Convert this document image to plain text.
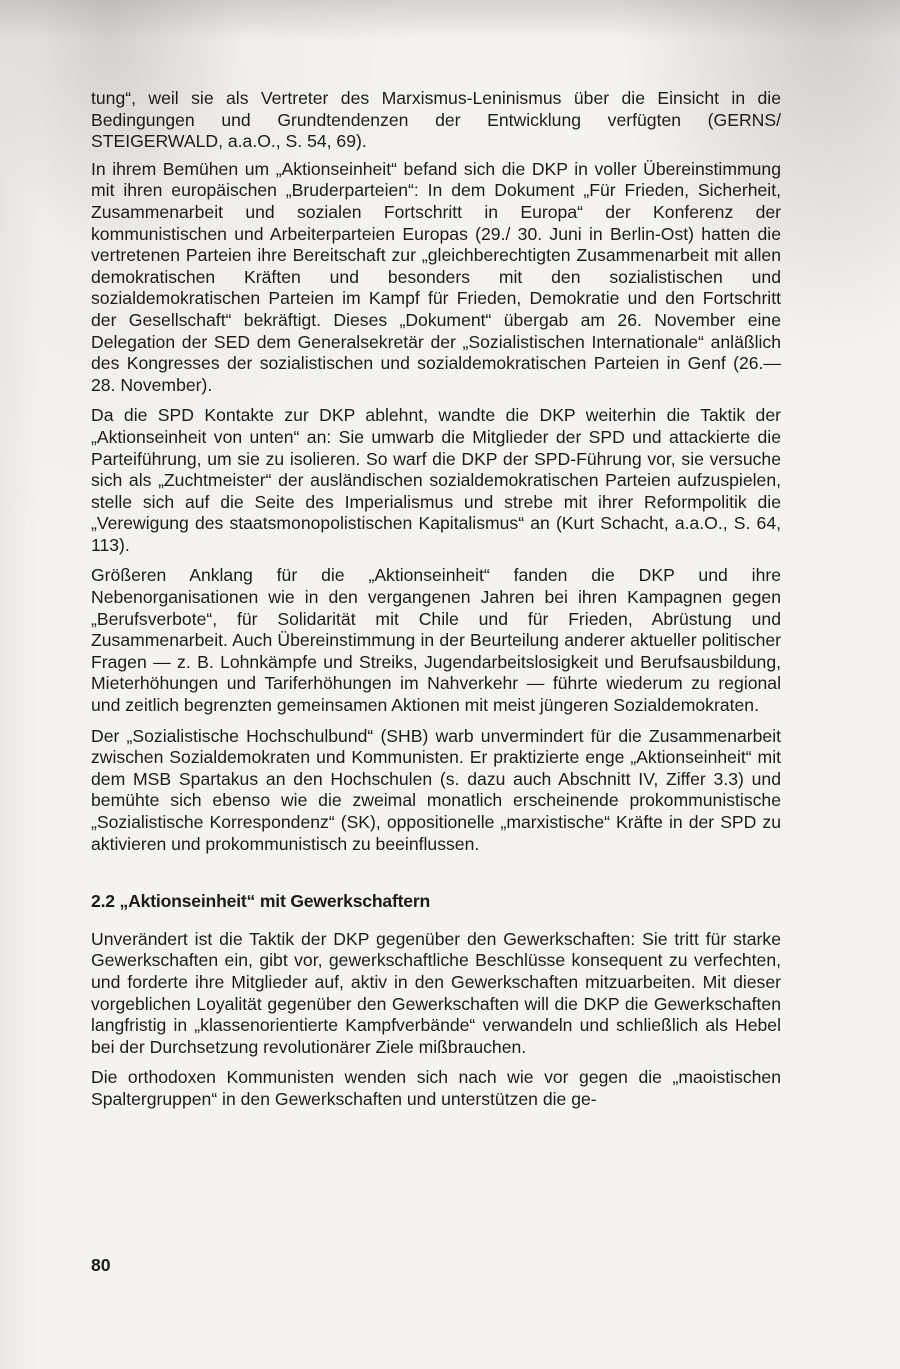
tung“, weil sie als Vertreter des Marxismus-Leninismus über die Einsicht in die Bedingungen und Grundtendenzen der Entwicklung verfügten (GERNS/ STEIGERWALD, a.a.O., S. 54, 69).

In ihrem Bemühen um „Aktionseinheit“ befand sich die DKP in voller Übereinstimmung mit ihren europäischen „Bruderparteien“: In dem Dokument „Für Frieden, Sicherheit, Zusammenarbeit und sozialen Fortschritt in Europa“ der Konferenz der kommunistischen und Arbeiterparteien Europas (29./ 30. Juni in Berlin-Ost) hatten die vertretenen Parteien ihre Bereitschaft zur „gleichberechtigten Zusammenarbeit mit allen demokratischen Kräften und besonders mit den sozialistischen und sozialdemokratischen Parteien im Kampf für Frieden, Demokratie und den Fortschritt der Gesellschaft“ bekräftigt. Dieses „Dokument“ übergab am 26. November eine Delegation der SED dem Generalsekretär der „Sozialistischen Internationale“ anläßlich des Kongresses der sozialistischen und sozialdemokratischen Parteien in Genf (26.—28. November).

Da die SPD Kontakte zur DKP ablehnt, wandte die DKP weiterhin die Taktik der „Aktionseinheit von unten“ an: Sie umwarb die Mitglieder der SPD und attackierte die Parteiführung, um sie zu isolieren. So warf die DKP der SPD-Führung vor, sie versuche sich als „Zuchtmeister“ der ausländischen sozialdemokratischen Parteien aufzuspielen, stelle sich auf die Seite des Imperialismus und strebe mit ihrer Reformpolitik die „Verewigung des staatsmonopolistischen Kapitalismus“ an (Kurt Schacht, a.a.O., S. 64, 113).

Größeren Anklang für die „Aktionseinheit“ fanden die DKP und ihre Nebenorganisationen wie in den vergangenen Jahren bei ihren Kampagnen gegen „Berufsverbote“, für Solidarität mit Chile und für Frieden, Abrüstung und Zusammenarbeit. Auch Übereinstimmung in der Beurteilung anderer aktueller politischer Fragen — z. B. Lohnkämpfe und Streiks, Jugendarbeitslosigkeit und Berufsausbildung, Mieterhöhungen und Tariferhöhungen im Nahverkehr — führte wiederum zu regional und zeitlich begrenzten gemeinsamen Aktionen mit meist jüngeren Sozialdemokraten.

Der „Sozialistische Hochschulbund“ (SHB) warb unvermindert für die Zusammenarbeit zwischen Sozialdemokraten und Kommunisten. Er praktizierte enge „Aktionseinheit“ mit dem MSB Spartakus an den Hochschulen (s. dazu auch Abschnitt IV, Ziffer 3.3) und bemühte sich ebenso wie die zweimal monatlich erscheinende prokommunistische „Sozialistische Korrespondenz“ (SK), oppositionelle „marxistische“ Kräfte in der SPD zu aktivieren und prokommunistisch zu beeinflussen.

2.2 „Aktionseinheit“ mit Gewerkschaftern

Unverändert ist die Taktik der DKP gegenüber den Gewerkschaften: Sie tritt für starke Gewerkschaften ein, gibt vor, gewerkschaftliche Beschlüsse konsequent zu verfechten, und forderte ihre Mitglieder auf, aktiv in den Gewerkschaften mitzuarbeiten. Mit dieser vorgeblichen Loyalität gegenüber den Gewerkschaften will die DKP die Gewerkschaften langfristig in „klassenorientierte Kampfverbände“ verwandeln und schließlich als Hebel bei der Durchsetzung revolutionärer Ziele mißbrauchen.

Die orthodoxen Kommunisten wenden sich nach wie vor gegen die „maoistischen Spaltergruppen“ in den Gewerkschaften und unterstützen die ge-

80
